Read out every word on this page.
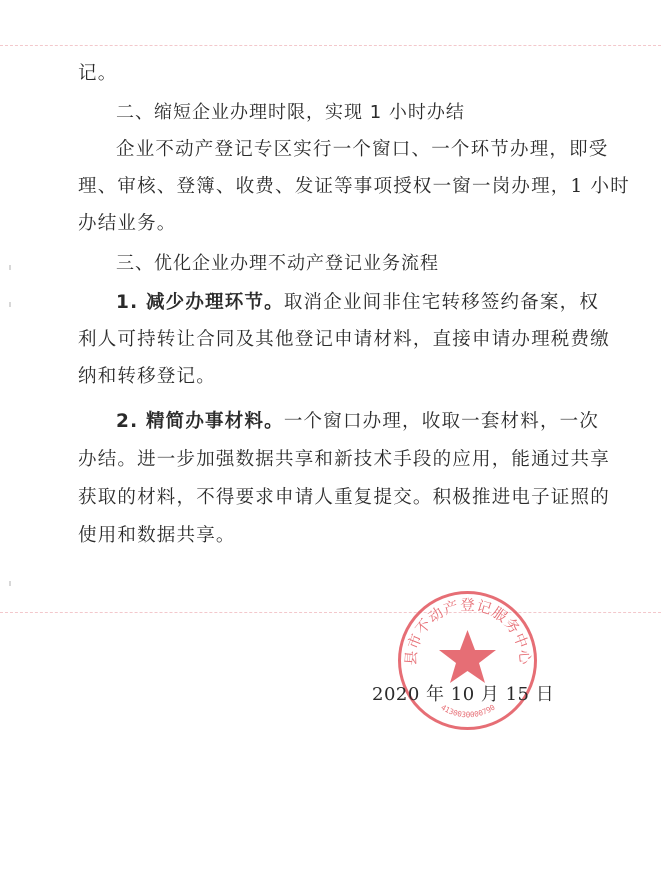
记。
二、缩短企业办理时限，实现 1 小时办结
企业不动产登记专区实行一个窗口、一个环节办理，即受
理、审核、登簿、收费、发证等事项授权一窗一岗办理，1 小时
办结业务。
三、优化企业办理不动产登记业务流程
1. 减少办理环节。取消企业间非住宅转移签约备案，权
利人可持转让合同及其他登记申请材料，直接申请办理税费缴
纳和转移登记。
2. 精简办事材料。一个窗口办理，收取一套材料，一次
办结。进一步加强数据共享和新技术手段的应用，能通过共享
获取的材料，不得要求申请人重复提交。积极推进电子证照的
使用和数据共享。
县市不动产登记服务中心
4130030000790
2020 年 10 月 15 日
